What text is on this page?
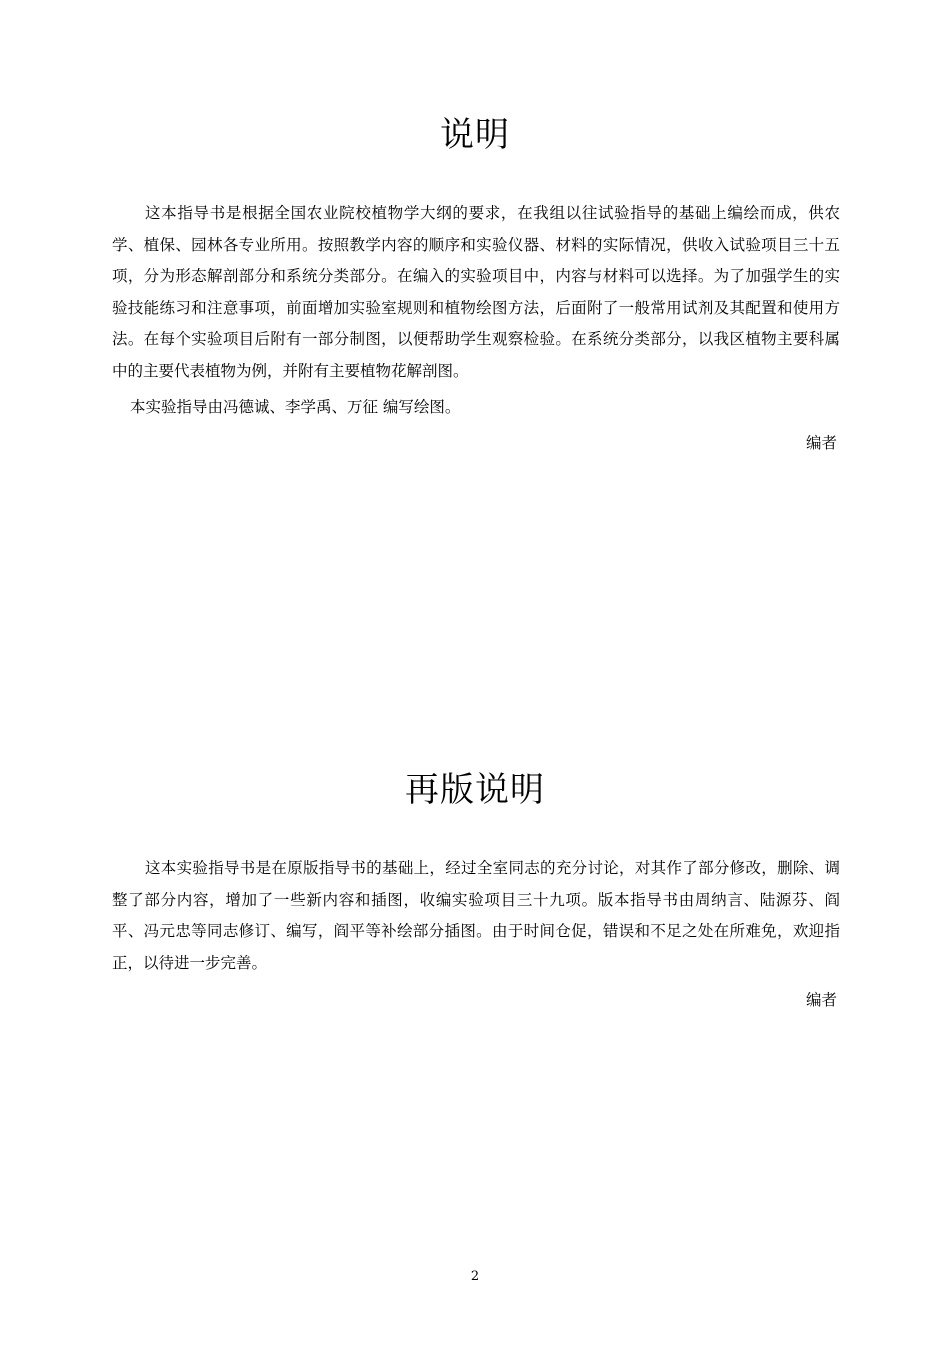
说明

这本指导书是根据全国农业院校植物学大纲的要求，在我组以往试验指导的基础上编绘而成，供农学、植保、园林各专业所用。按照教学内容的顺序和实验仪器、材料的实际情况，供收入试验项目三十五项，分为形态解剖部分和系统分类部分。在编入的实验项目中，内容与材料可以选择。为了加强学生的实验技能练习和注意事项，前面增加实验室规则和植物绘图方法，后面附了一般常用试剂及其配置和使用方法。在每个实验项目后附有一部分制图，以便帮助学生观察检验。在系统分类部分，以我区植物主要科属中的主要代表植物为例，并附有主要植物花解剖图。

本实验指导由冯德诚、李学禹、万征 编写绘图。

编者

再版说明

这本实验指导书是在原版指导书的基础上，经过全室同志的充分讨论，对其作了部分修改，删除、调整了部分内容，增加了一些新内容和插图，收编实验项目三十九项。版本指导书由周纳言、陆源芬、阎平、冯元忠等同志修订、编写，阎平等补绘部分插图。由于时间仓促，错误和不足之处在所难免，欢迎指正，以待进一步完善。

编者

2
